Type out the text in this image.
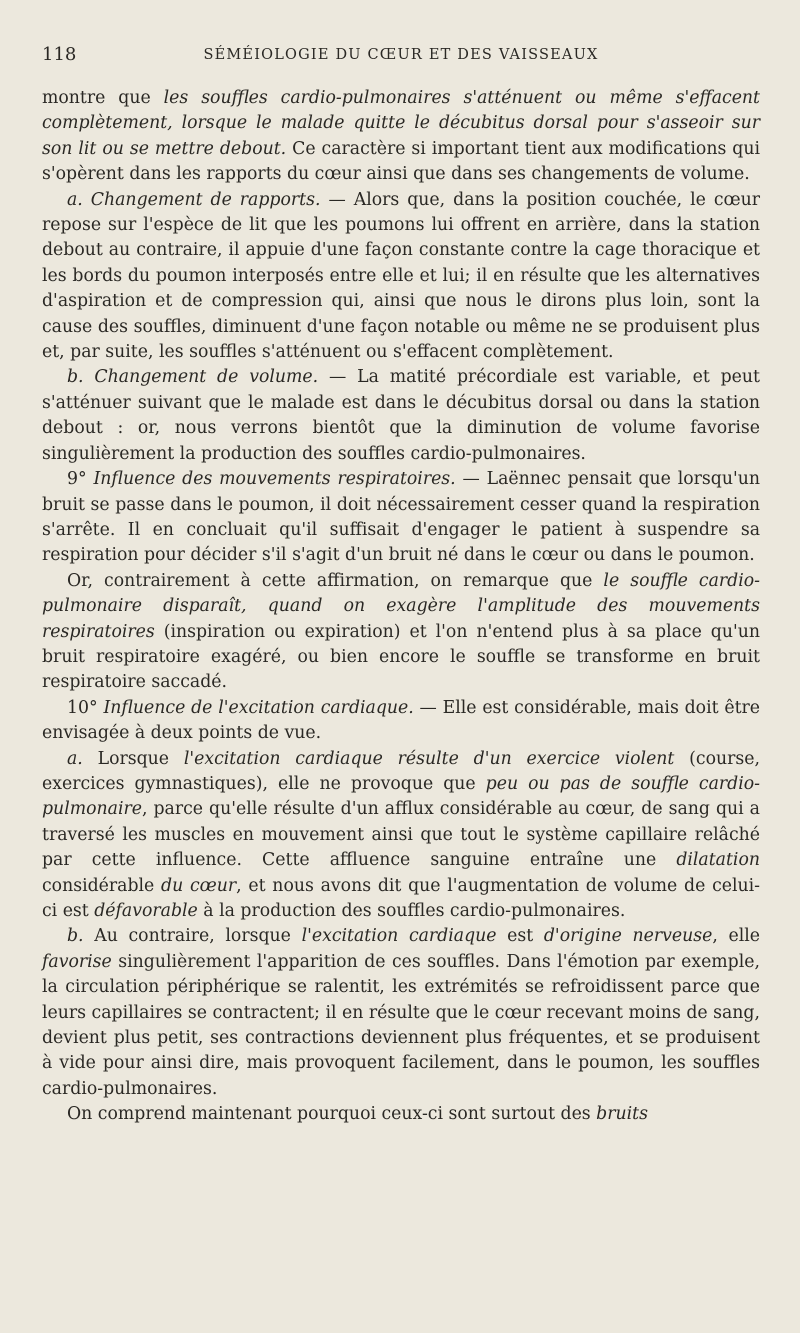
118	SÉMÉIOLOGIE DU CŒUR ET DES VAISSEAUX

montre que les souffles cardio-pulmonaires s'atténuent ou même s'effacent complètement, lorsque le malade quitte le décubitus dorsal pour s'asseoir sur son lit ou se mettre debout. Ce caractère si important tient aux modifications qui s'opèrent dans les rapports du cœur ainsi que dans ses changements de volume.

a. Changement de rapports. — Alors que, dans la position couchée, le cœur repose sur l'espèce de lit que les poumons lui offrent en arrière, dans la station debout au contraire, il appuie d'une façon constante contre la cage thoracique et les bords du poumon interposés entre elle et lui; il en résulte que les alternatives d'aspiration et de compression qui, ainsi que nous le dirons plus loin, sont la cause des souffles, diminuent d'une façon notable ou même ne se produisent plus et, par suite, les souffles s'atténuent ou s'effacent complètement.

b. Changement de volume. — La matité précordiale est variable, et peut s'atténuer suivant que le malade est dans le décubitus dorsal ou dans la station debout : or, nous verrons bientôt que la diminution de volume favorise singulièrement la production des souffles cardio-pulmonaires.

9° Influence des mouvements respiratoires. — Laënnec pensait que lorsqu'un bruit se passe dans le poumon, il doit nécessairement cesser quand la respiration s'arrête. Il en concluait qu'il suffisait d'engager le patient à suspendre sa respiration pour décider s'il s'agit d'un bruit né dans le cœur ou dans le poumon.

Or, contrairement à cette affirmation, on remarque que le souffle cardio-pulmonaire disparaît, quand on exagère l'amplitude des mouvements respiratoires (inspiration ou expiration) et l'on n'entend plus à sa place qu'un bruit respiratoire exagéré, ou bien encore le souffle se transforme en bruit respiratoire saccadé.

10° Influence de l'excitation cardiaque. — Elle est considérable, mais doit être envisagée à deux points de vue.

a. Lorsque l'excitation cardiaque résulte d'un exercice violent (course, exercices gymnastiques), elle ne provoque que peu ou pas de souffle cardio-pulmonaire, parce qu'elle résulte d'un afflux considérable au cœur, de sang qui a traversé les muscles en mouvement ainsi que tout le système capillaire relâché par cette influence. Cette affluence sanguine entraîne une dilatation considérable du cœur, et nous avons dit que l'augmentation de volume de celui-ci est défavorable à la production des souffles cardio-pulmonaires.

b. Au contraire, lorsque l'excitation cardiaque est d'origine nerveuse, elle favorise singulièrement l'apparition de ces souffles. Dans l'émotion par exemple, la circulation périphérique se ralentit, les extrémités se refroidissent parce que leurs capillaires se contractent; il en résulte que le cœur recevant moins de sang, devient plus petit, ses contractions deviennent plus fréquentes, et se produisent à vide pour ainsi dire, mais provoquent facilement, dans le poumon, les souffles cardio-pulmonaires.

On comprend maintenant pourquoi ceux-ci sont surtout des bruits
